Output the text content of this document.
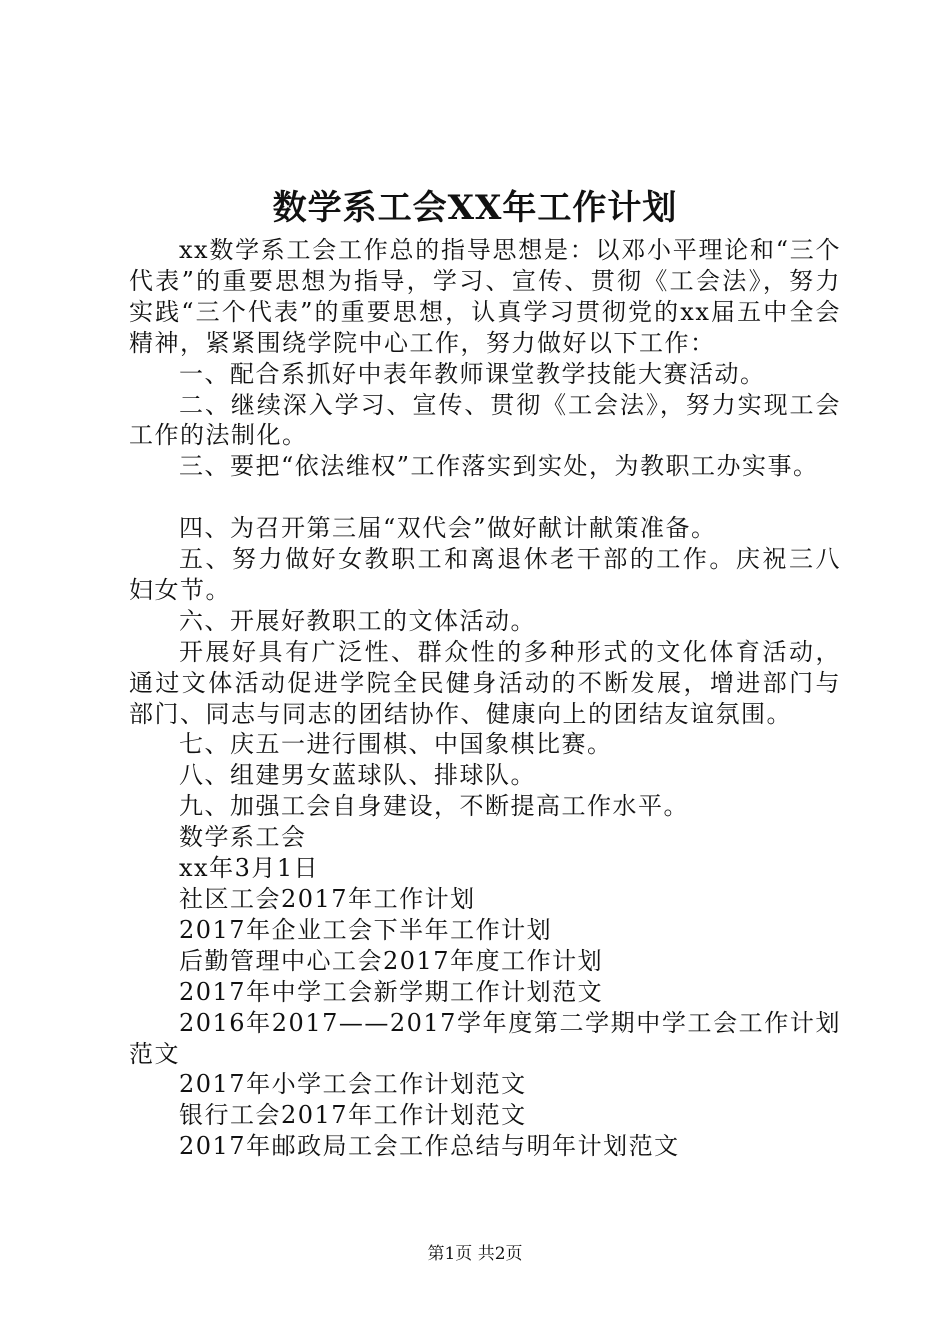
数学系工会XX年工作计划

xx数学系工会工作总的指导思想是：以邓小平理论和“三个代表”的重要思想为指导，学习、宣传、贯彻《工会法》，努力实践“三个代表”的重要思想，认真学习贯彻党的xx届五中全会精神，紧紧围绕学院中心工作，努力做好以下工作：

一、配合系抓好中表年教师课堂教学技能大赛活动。

二、继续深入学习、宣传、贯彻《工会法》，努力实现工会工作的法制化。

三、要把“依法维权”工作落实到实处，为教职工办实事。

四、为召开第三届“双代会”做好献计献策准备。

五、努力做好女教职工和离退休老干部的工作。庆祝三八妇女节。

六、开展好教职工的文体活动。

开展好具有广泛性、群众性的多种形式的文化体育活动，通过文体活动促进学院全民健身活动的不断发展，增进部门与部门、同志与同志的团结协作、健康向上的团结友谊氛围。

七、庆五一进行围棋、中国象棋比赛。

八、组建男女蓝球队、排球队。

九、加强工会自身建设，不断提高工作水平。

数学系工会

xx年3月1日

社区工会2017年工作计划

2017年企业工会下半年工作计划

后勤管理中心工会2017年度工作计划

2017年中学工会新学期工作计划范文

2016年2017——2017学年度第二学期中学工会工作计划范文

2017年小学工会工作计划范文

银行工会2017年工作计划范文

2017年邮政局工会工作总结与明年计划范文

第1页 共2页
